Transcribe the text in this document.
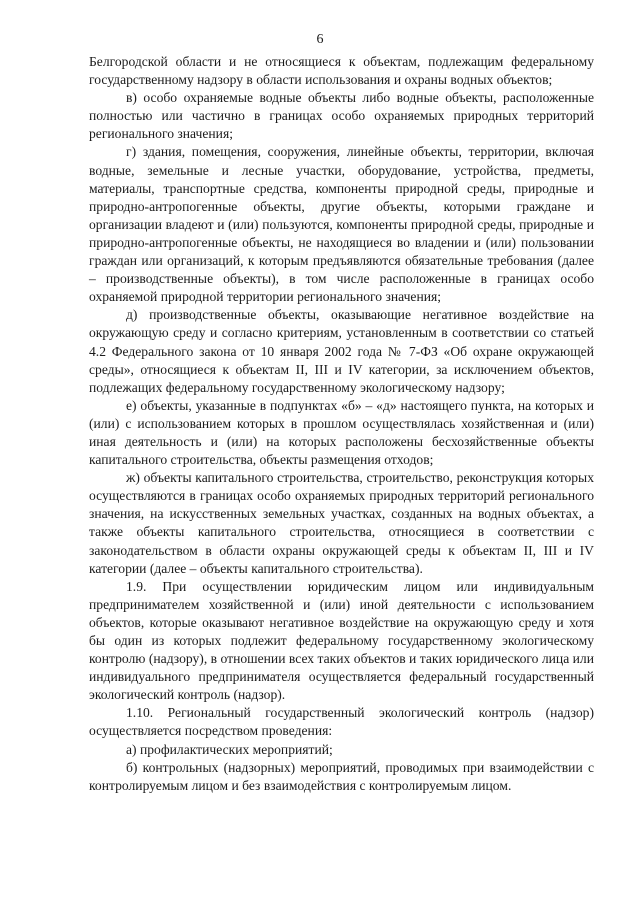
6

Белгородской области и не относящиеся к объектам, подлежащим федеральному государственному надзору в области использования и охраны водных объектов;

в) особо охраняемые водные объекты либо водные объекты, расположенные полностью или частично в границах особо охраняемых природных территорий регионального значения;

г) здания, помещения, сооружения, линейные объекты, территории, включая водные, земельные и лесные участки, оборудование, устройства, предметы, материалы, транспортные средства, компоненты природной среды, природные и природно-антропогенные объекты, другие объекты, которыми граждане и организации владеют и (или) пользуются, компоненты природной среды, природные и природно-антропогенные объекты, не находящиеся во владении и (или) пользовании граждан или организаций, к которым предъявляются обязательные требования (далее – производственные объекты), в том числе расположенные в границах особо охраняемой природной территории регионального значения;

д) производственные объекты, оказывающие негативное воздействие на окружающую среду и согласно критериям, установленным в соответствии со статьей 4.2 Федерального закона от 10 января 2002 года № 7-ФЗ «Об охране окружающей среды», относящиеся к объектам II, III и IV категории, за исключением объектов, подлежащих федеральному государственному экологическому надзору;

е) объекты, указанные в подпунктах «б» – «д» настоящего пункта, на которых и (или) с использованием которых в прошлом осуществлялась хозяйственная и (или) иная деятельность и (или) на которых расположены бесхозяйственные объекты капитального строительства, объекты размещения отходов;

ж) объекты капитального строительства, строительство, реконструкция которых осуществляются в границах особо охраняемых природных территорий регионального значения, на искусственных земельных участках, созданных на водных объектах, а также объекты капитального строительства, относящиеся в соответствии с законодательством в области охраны окружающей среды к объектам II, III и IV категории (далее – объекты капитального строительства).

1.9. При осуществлении юридическим лицом или индивидуальным предпринимателем хозяйственной и (или) иной деятельности с использованием объектов, которые оказывают негативное воздействие на окружающую среду и хотя бы один из которых подлежит федеральному государственному экологическому контролю (надзору), в отношении всех таких объектов и таких юридического лица или индивидуального предпринимателя осуществляется федеральный государственный экологический контроль (надзор).

1.10. Региональный государственный экологический контроль (надзор) осуществляется посредством проведения:

а) профилактических мероприятий;

б) контрольных (надзорных) мероприятий, проводимых при взаимодействии с контролируемым лицом и без взаимодействия с контролируемым лицом.
